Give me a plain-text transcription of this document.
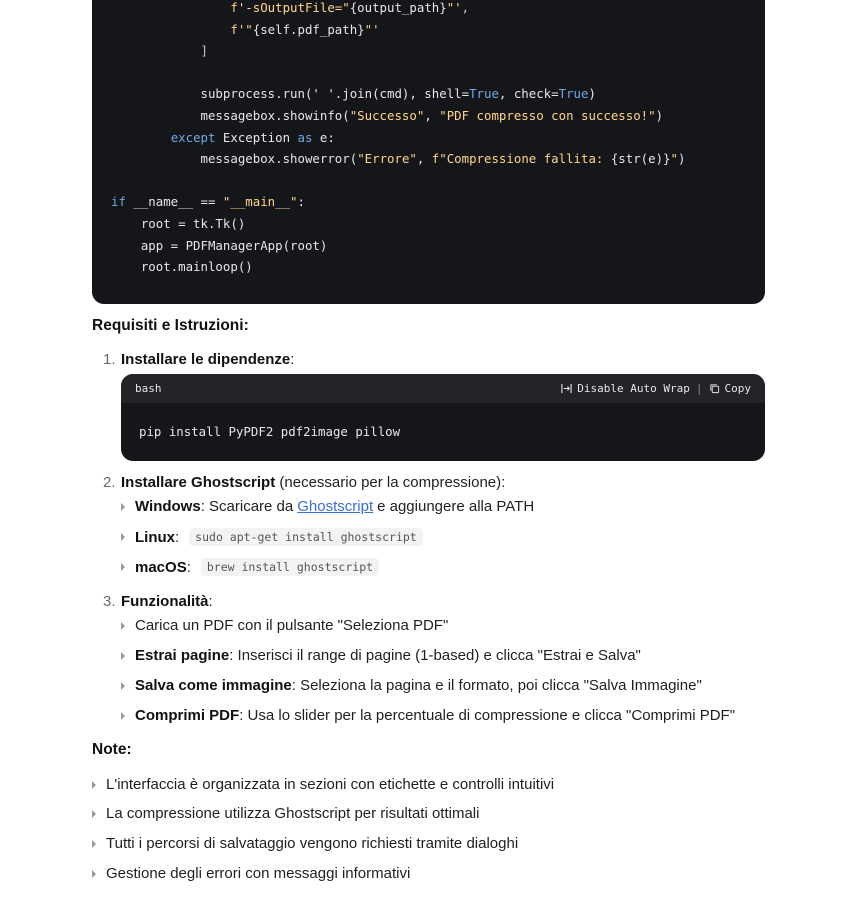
f'-sOutputFile="{output_path}"',
f'"{self.pdf_path}"'
]

subprocess.run(' '.join(cmd), shell=True, check=True)
messagebox.showinfo("Successo", "PDF compresso con successo!")
except Exception as e:
messagebox.showerror("Errore", f"Compressione fallita: {str(e)}")

if __name__ == "__main__":
root = tk.Tk()
app = PDFManagerApp(root)
root.mainloop()
Requisiti e Istruzioni:
1. Installare le dipendenze:
bash	Disable Auto Wrap | Copy
pip install PyPDF2 pdf2image pillow
2. Installare Ghostscript (necessario per la compressione):
Windows : Scaricare da Ghostscript e aggiungere alla PATH
Linux :	sudo apt-get install ghostscript
macOS :	brew install ghostscript
3. Funzionalità:
Carica un PDF con il pulsante "Seleziona PDF"
Estrai pagine : Inserisci il range di pagine (1-based) e clicca "Estrai e Salva"
Salva come immagine : Seleziona la pagina e il formato, poi clicca "Salva Immagine"
Comprimi PDF : Usa lo slider per la percentuale di compressione e clicca "Comprimi PDF"
Note:
L'interfaccia è organizzata in sezioni con etichette e controlli intuitivi
La compressione utilizza Ghostscript per risultati ottimali
Tutti i percorsi di salvataggio vengono richiesti tramite dialoghi
Gestione degli errori con messaggi informativi
